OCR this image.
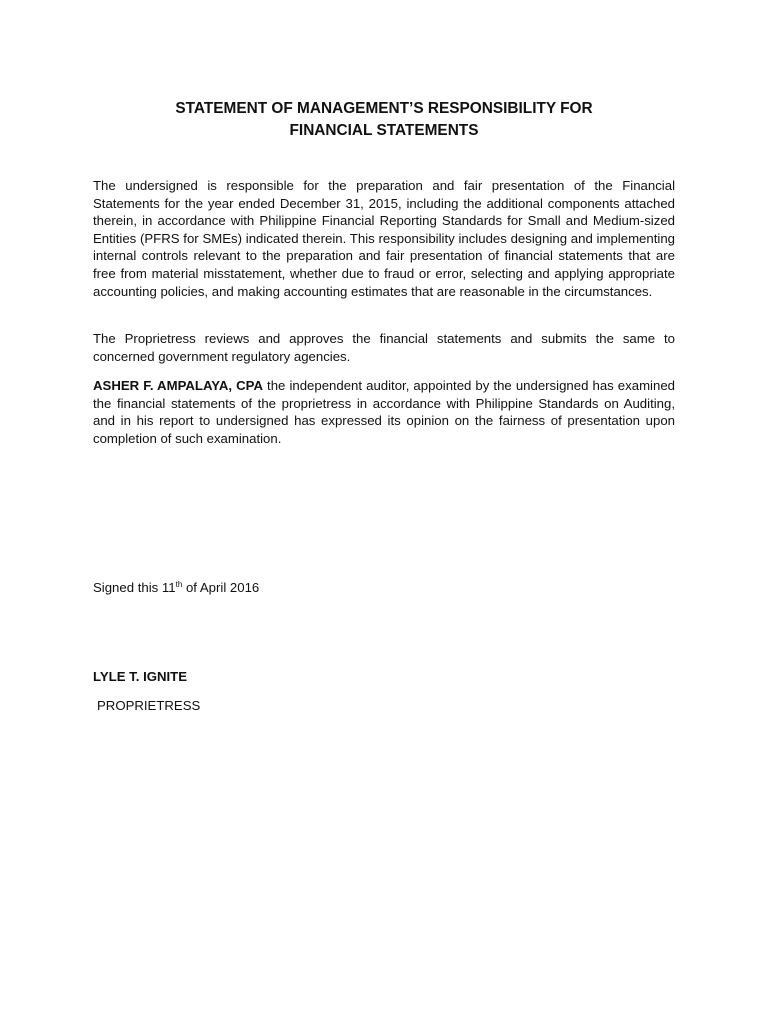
STATEMENT OF MANAGEMENT’S RESPONSIBILITY FOR
FINANCIAL STATEMENTS

The undersigned is responsible for the preparation and fair presentation of the Financial Statements for the year ended December 31, 2015, including the additional components attached therein, in accordance with Philippine Financial Reporting Standards for Small and Medium-sized Entities (PFRS for SMEs) indicated therein. This responsibility includes designing and implementing internal controls relevant to the preparation and fair presentation of financial statements that are free from material misstatement, whether due to fraud or error, selecting and applying appropriate accounting policies, and making accounting estimates that are reasonable in the circumstances.

The Proprietress reviews and approves the financial statements and submits the same to concerned government regulatory agencies.

ASHER F. AMPALAYA, CPA the independent auditor, appointed by the undersigned has examined the financial statements of the proprietress in accordance with Philippine Standards on Auditing, and in his report to undersigned has expressed its opinion on the fairness of presentation upon completion of such examination.

Signed this 11th of April 2016

LYLE T. IGNITE

PROPRIETRESS
